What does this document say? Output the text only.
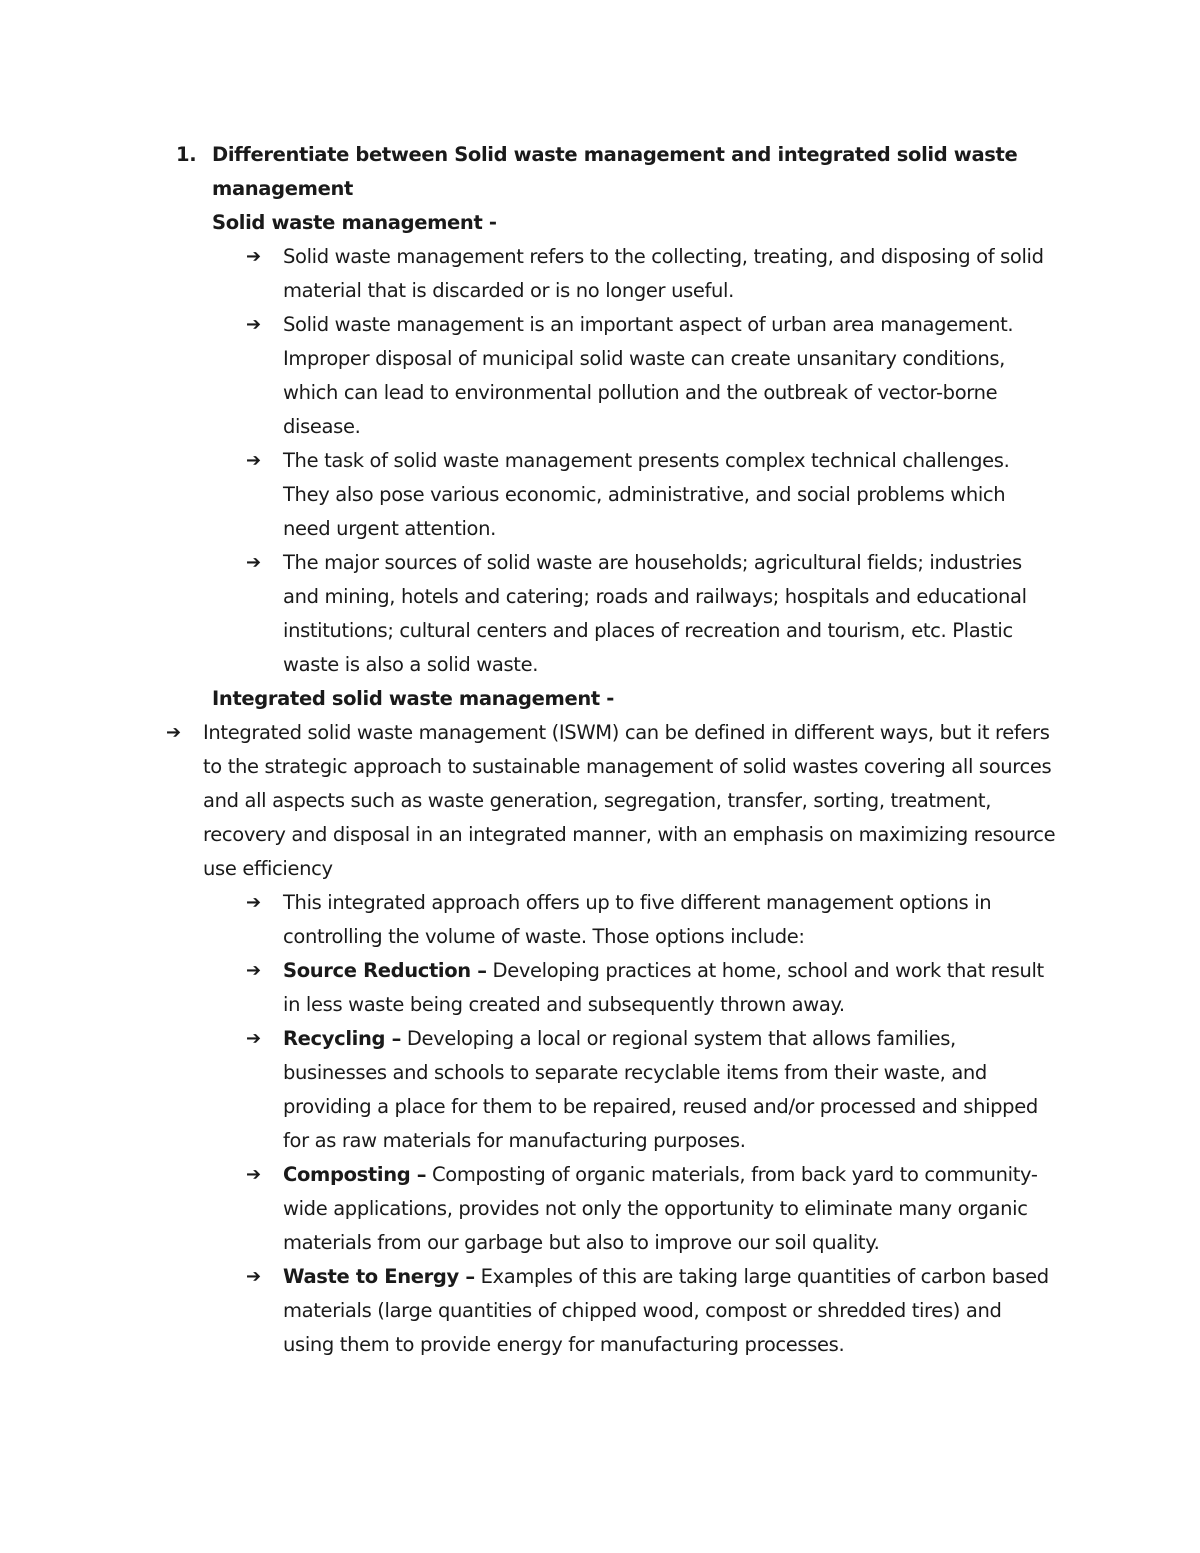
1. Differentiate between Solid waste management and integrated solid waste management
Solid waste management -
➔	Solid waste management refers to the collecting, treating, and disposing of solid material that is discarded or is no longer useful.
➔	Solid waste management is an important aspect of urban area management. Improper disposal of municipal solid waste can create unsanitary conditions, which can lead to environmental pollution and the outbreak of vector-borne disease.
➔	The task of solid waste management presents complex technical challenges. They also pose various economic, administrative, and social problems which need urgent attention.
➔	The major sources of solid waste are households; agricultural fields; industries and mining, hotels and catering; roads and railways; hospitals and educational institutions; cultural centers and places of recreation and tourism, etc. Plastic waste is also a solid waste.
Integrated solid waste management -
➔	Integrated solid waste management (ISWM) can be defined in different ways, but it refers to the strategic approach to sustainable management of solid wastes covering all sources and all aspects such as waste generation, segregation, transfer, sorting, treatment, recovery and disposal in an integrated manner, with an emphasis on maximizing resource use efficiency
➔	This integrated approach offers up to five different management options in controlling the volume of waste. Those options include:
➔	Source Reduction – Developing practices at home, school and work that result in less waste being created and subsequently thrown away.
➔	Recycling – Developing a local or regional system that allows families, businesses and schools to separate recyclable items from their waste, and providing a place for them to be repaired, reused and/or processed and shipped for as raw materials for manufacturing purposes.
➔	Composting – Composting of organic materials, from back yard to community-wide applications, provides not only the opportunity to eliminate many organic materials from our garbage but also to improve our soil quality.
➔	Waste to Energy – Examples of this are taking large quantities of carbon based materials (large quantities of chipped wood, compost or shredded tires) and using them to provide energy for manufacturing processes.
